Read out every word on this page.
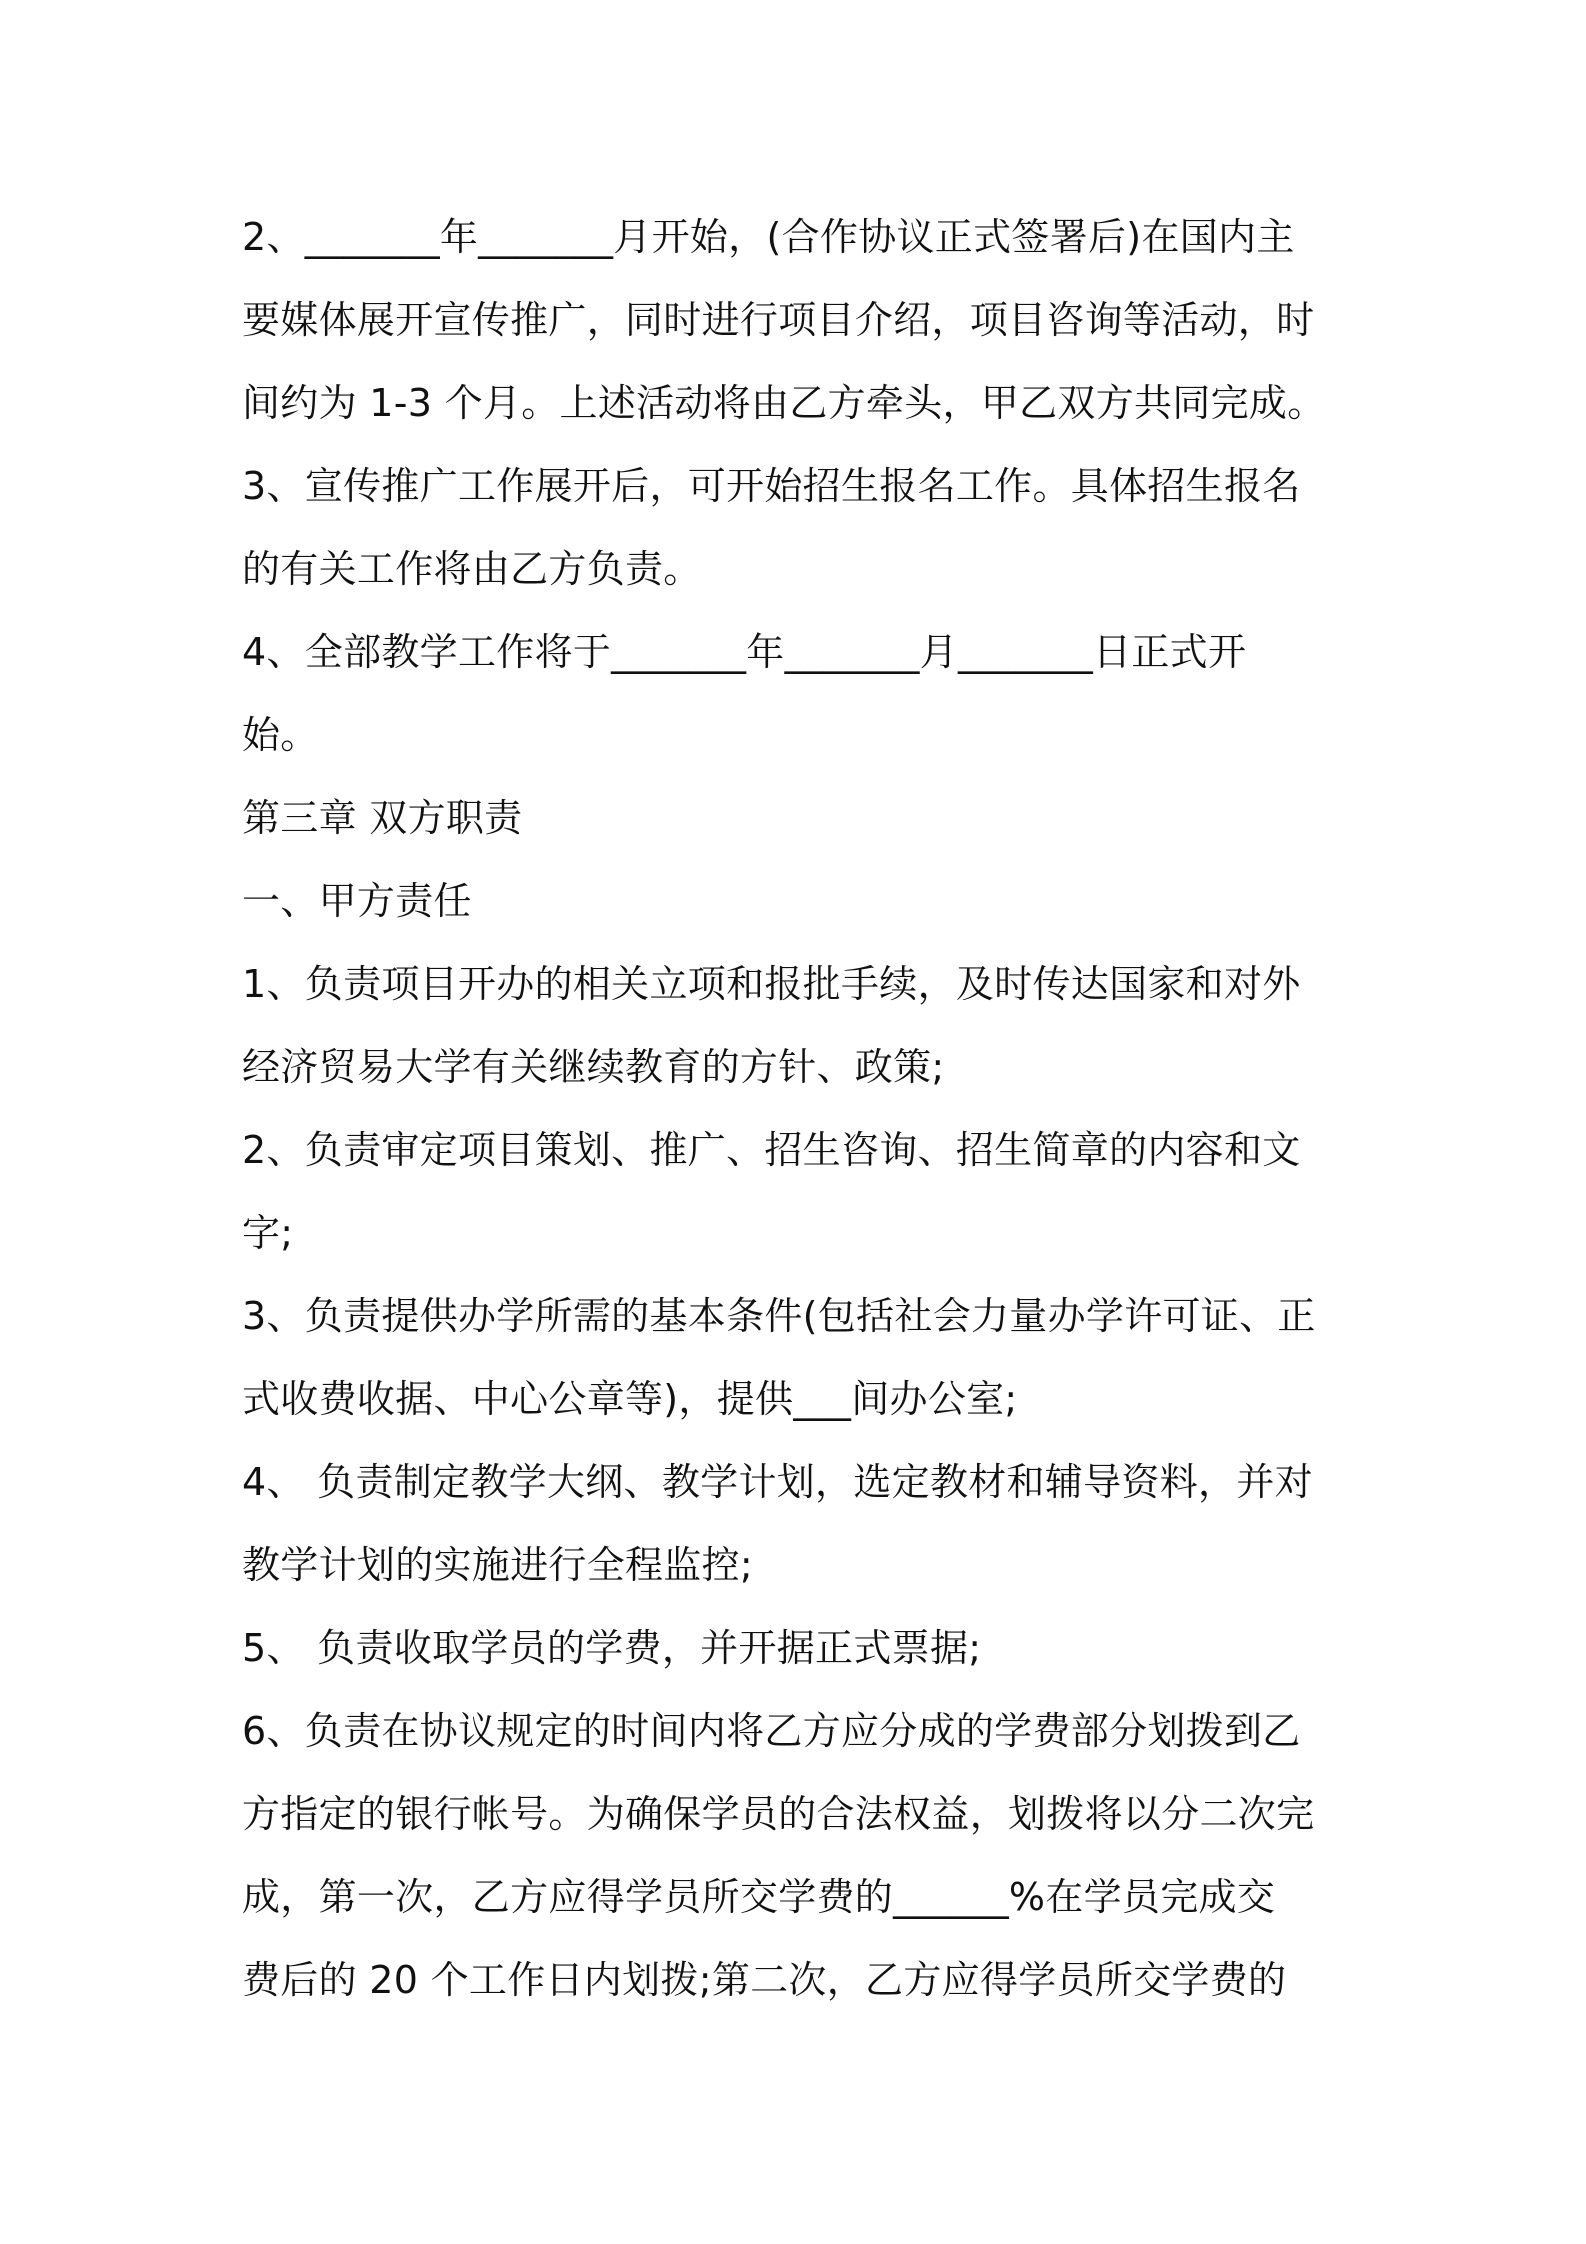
2、_______年_______月开始，(合作协议正式签署后)在国内主
要媒体展开宣传推广，同时进行项目介绍，项目咨询等活动，时
间约为 1-3 个月。上述活动将由乙方牵头，甲乙双方共同完成。
3、宣传推广工作展开后，可开始招生报名工作。具体招生报名
的有关工作将由乙方负责。
4、全部教学工作将于_______年_______月_______日正式开
始。
第三章 双方职责
一、甲方责任
1、负责项目开办的相关立项和报批手续，及时传达国家和对外
经济贸易大学有关继续教育的方针、政策;
2、负责审定项目策划、推广、招生咨询、招生简章的内容和文
字;
3、负责提供办学所需的基本条件(包括社会力量办学许可证、正
式收费收据、中心公章等)，提供___间办公室;
4、 负责制定教学大纲、教学计划，选定教材和辅导资料，并对
教学计划的实施进行全程监控;
5、 负责收取学员的学费，并开据正式票据;
6、负责在协议规定的时间内将乙方应分成的学费部分划拨到乙
方指定的银行帐号。为确保学员的合法权益，划拨将以分二次完
成，第一次，乙方应得学员所交学费的______%在学员完成交
费后的 20 个工作日内划拨;第二次，乙方应得学员所交学费的
